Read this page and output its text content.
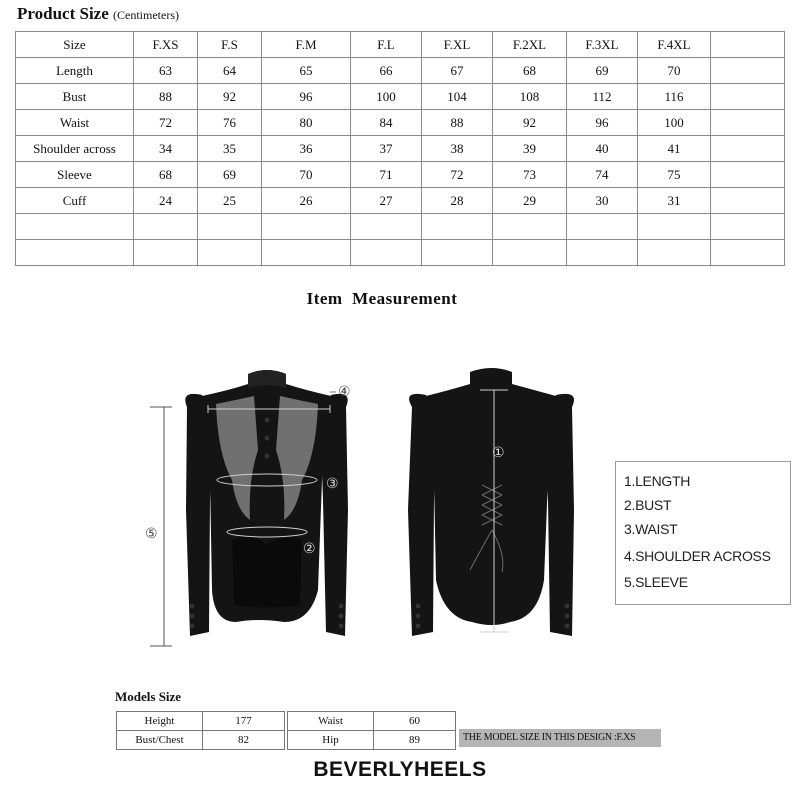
Product Size (Centimeters)
Size	F.XS	F.S	F.M	F.L	F.XL	F.2XL	F.3XL	F.4XL	
Length	63	64	65	66	67	68	69	70	
Bust	88	92	96	100	104	108	112	116	
Waist	72	76	80	84	88	92	96	100	
Shoulder across	34	35	36	37	38	39	40	41	
Sleeve	68	69	70	71	72	73	74	75	
Cuff	24	25	26	27	28	29	30	31	

Item  Measurement
④
③
②
⑤
①
1.LENGTH
2.BUST
3.WAIST
4.SHOULDER ACROSS
5.SLEEVE
Models Size
Height	177
Bust/Chest	82
Waist	60
Hip	89	THE MODEL SIZE IN THIS DESIGN :F.XS
BEVERLYHEELS
